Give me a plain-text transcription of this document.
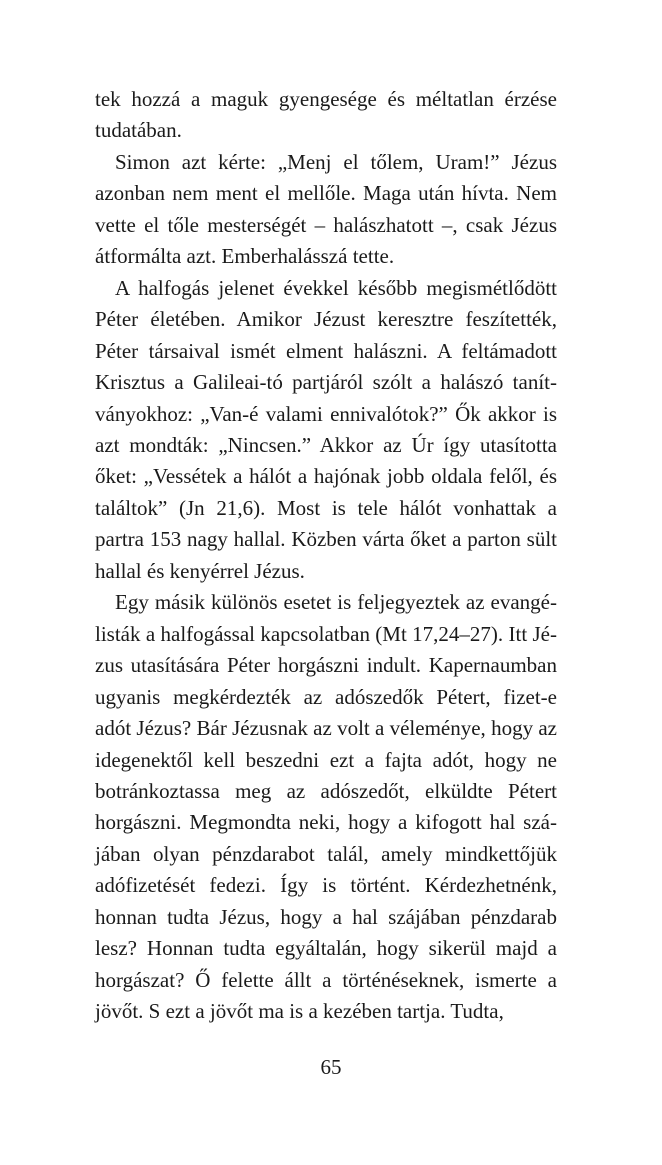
tek hozzá a maguk gyengesége és méltatlan érzése tudatában.

Simon azt kérte: „Menj el tőlem, Uram!” Jézus azonban nem ment el mellőle. Maga után hívta. Nem vette el tőle mesterségét – halászhatott –, csak Jézus átformálta azt. Emberhalásszá tette.

A halfogás jelenet évekkel később megismétlődött Péter életében. Amikor Jézust keresztre feszítették, Péter társaival ismét elment halászni. A feltámadott Krisztus a Galileai-tó partjáról szólt a halászó tanítványokhoz: „Van-é valami ennivalótok?” Ők akkor is azt mondták: „Nincsen.” Akkor az Úr így utasította őket: „Vessétek a hálót a hajónak jobb oldala felől, és találtok” (Jn 21,6). Most is tele hálót vonhattak a partra 153 nagy hallal. Közben várta őket a parton sült hallal és kenyérrel Jézus.

Egy másik különös esetet is feljegyeztek az evangélisták a halfogással kapcsolatban (Mt 17,24–27). Itt Jézus utasítására Péter horgászni indult. Kapernaumban ugyanis megkérdezték az adószedők Pétert, fizet-e adót Jézus? Bár Jézusnak az volt a véleménye, hogy az idegenektől kell beszedni ezt a fajta adót, hogy ne botránkoztassa meg az adószedőt, elküldte Pétert horgászni. Megmondta neki, hogy a kifogott hal szájában olyan pénzdarabot talál, amely mindkettőjük adófizetését fedezi. Így is történt. Kérdezhetnénk, honnan tudta Jézus, hogy a hal szájában pénzdarab lesz? Honnan tudta egyáltalán, hogy sikerül majd a horgászat? Ő felette állt a történéseknek, ismerte a jövőt. S ezt a jövőt ma is a kezében tartja. Tudta,

65
